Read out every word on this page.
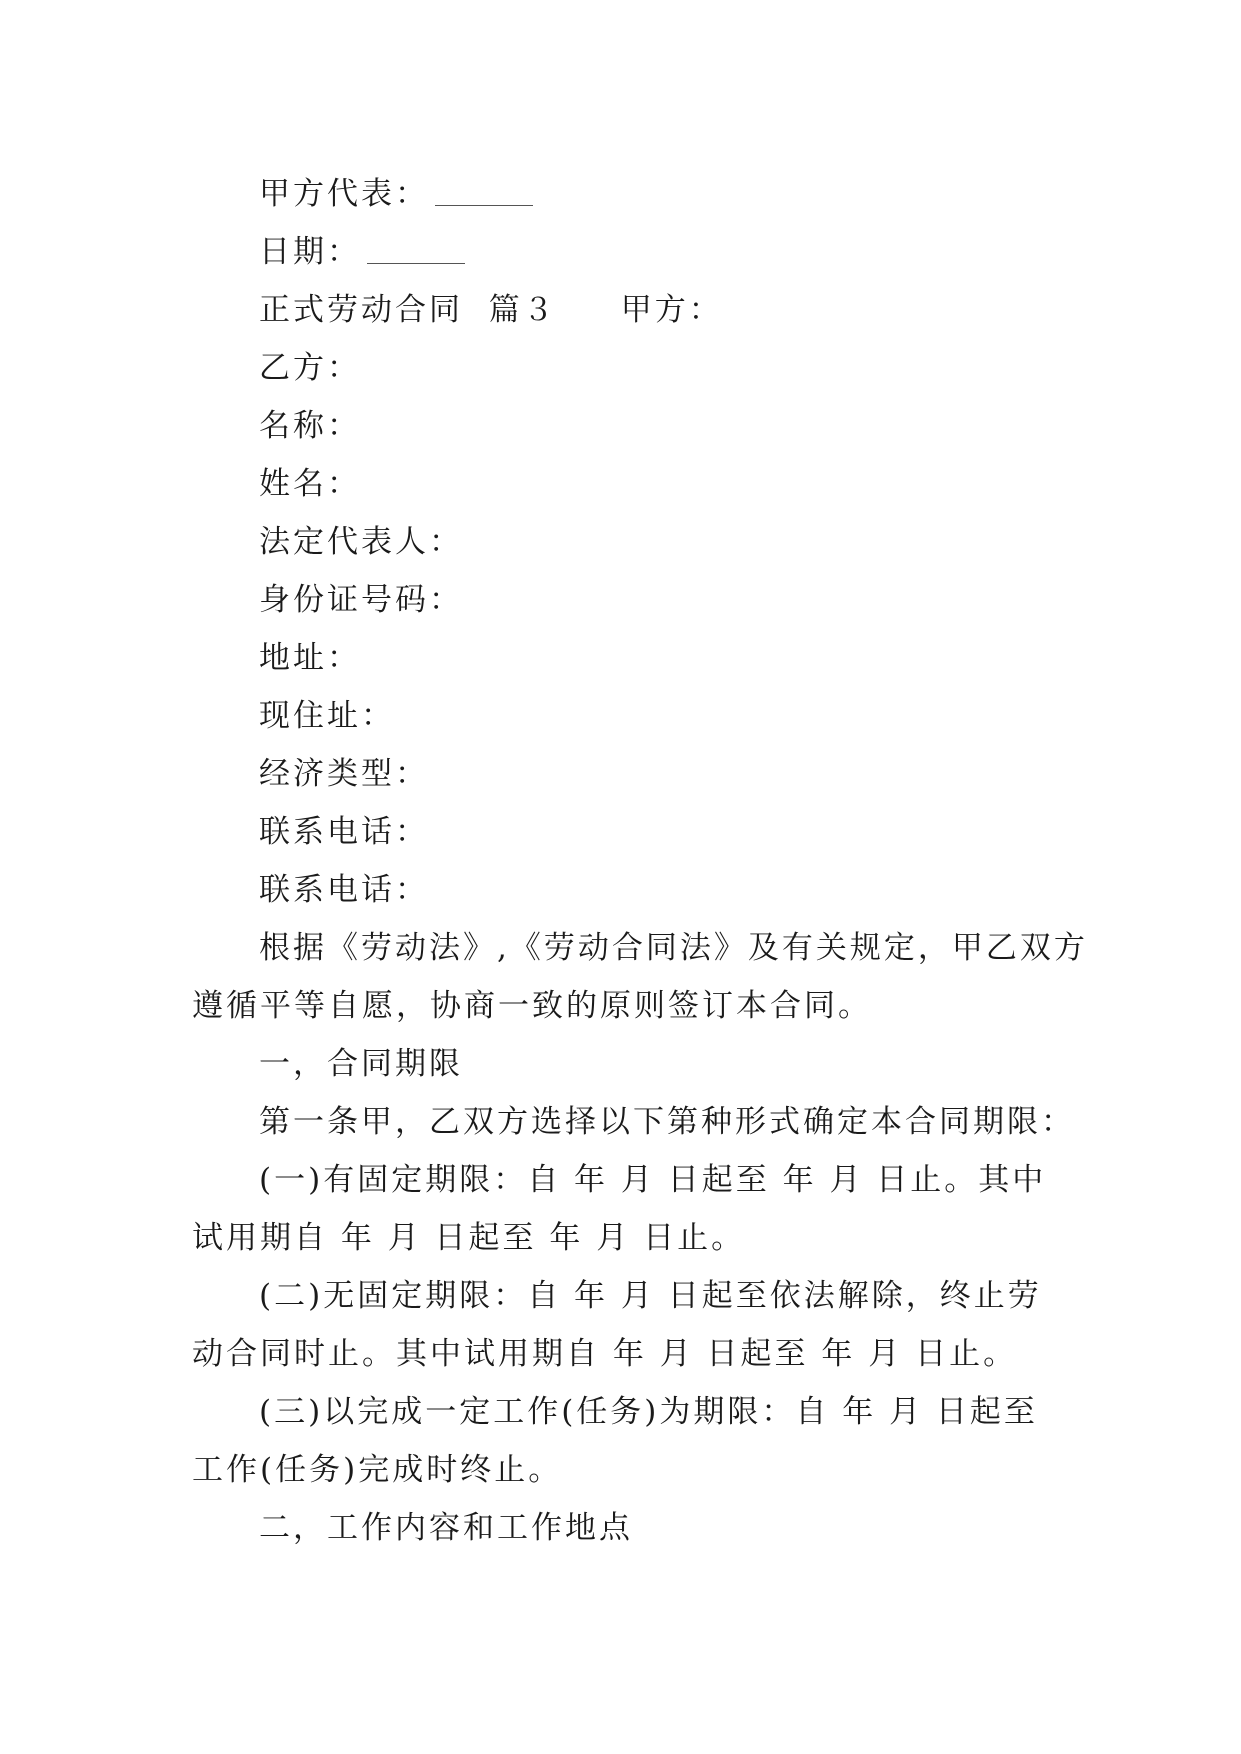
甲方代表：
日期：
正式劳动合同 篇３ 甲方：
乙方：
名称：
姓名：
法定代表人：
身份证号码：
地址：
现住址：
经济类型：
联系电话：
联系电话：
根据《劳动法》,《劳动合同法》及有关规定，甲乙双方
遵循平等自愿，协商一致的原则签订本合同。
一，合同期限
第一条甲，乙双方选择以下第种形式确定本合同期限：
(一)有固定期限：自 年 月 日起至 年 月 日止。其中
试用期自 年 月 日起至 年 月 日止。
(二)无固定期限：自 年 月 日起至依法解除，终止劳
动合同时止。其中试用期自 年 月 日起至 年 月 日止。
(三)以完成一定工作(任务)为期限：自 年 月 日起至
工作(任务)完成时终止。
二，工作内容和工作地点
